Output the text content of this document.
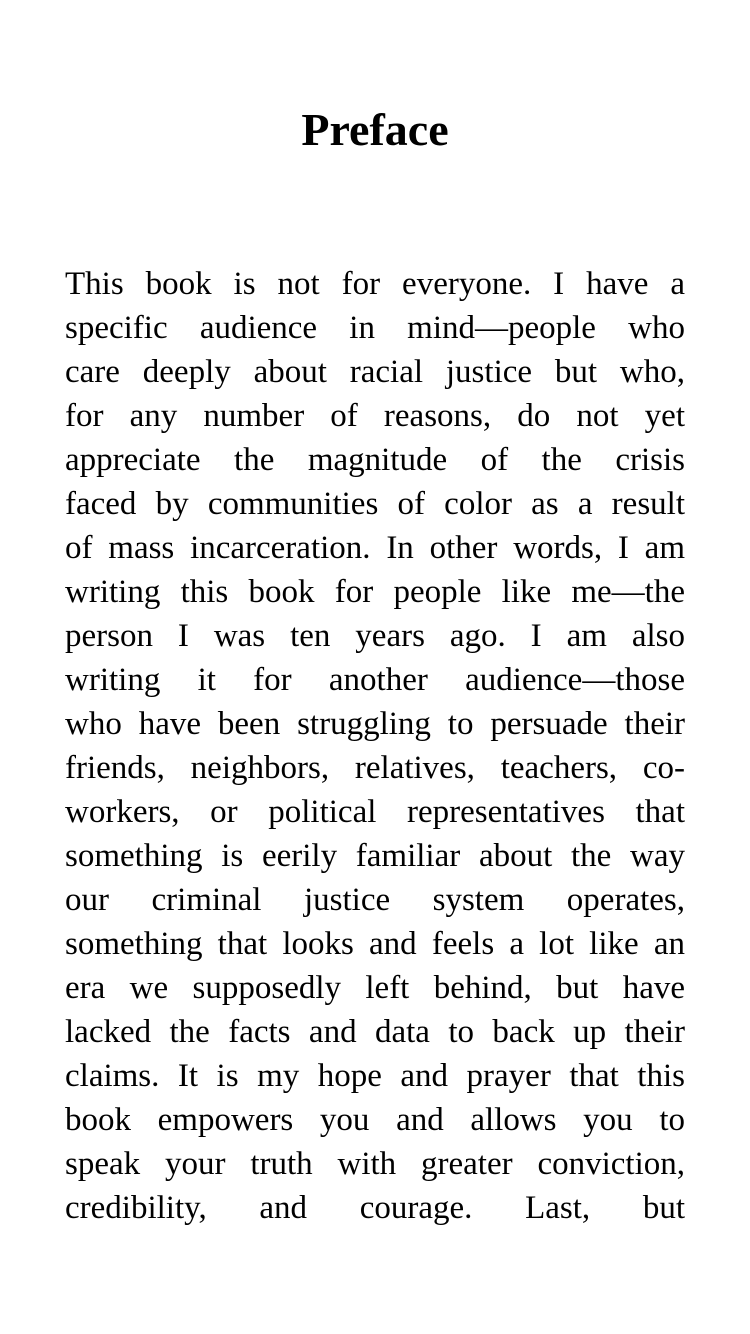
Preface
This book is not for everyone. I have a
specific audience in mind—people who
care deeply about racial justice but who,
for any number of reasons, do not yet
appreciate the magnitude of the crisis
faced by communities of color as a result
of mass incarceration. In other words, I am
writing this book for people like me—the
person I was ten years ago. I am also
writing it for another audience—those
who have been struggling to persuade their
friends, neighbors, relatives, teachers, co-
workers, or political representatives that
something is eerily familiar about the way
our criminal justice system operates,
something that looks and feels a lot like an
era we supposedly left behind, but have
lacked the facts and data to back up their
claims. It is my hope and prayer that this
book empowers you and allows you to
speak your truth with greater conviction,
credibility, and courage. Last, but
